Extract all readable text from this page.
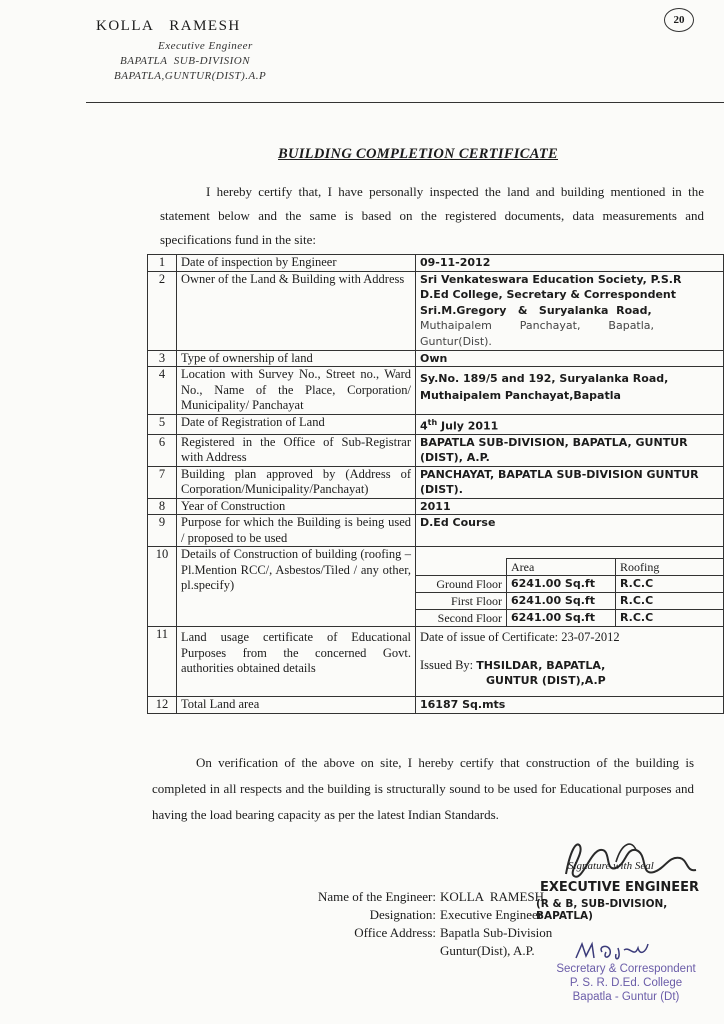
20
KOLLA   RAMESH
Executive Engineer
BAPATLA  SUB-DIVISION
BAPATLA,GUNTUR(DIST).A.P
BUILDING COMPLETION CERTIFICATE
I hereby certify that, I have personally inspected the land and building mentioned in the statement below and the same is based on the registered documents, data measurements and specifications fund in the site:
1	Date of inspection by Engineer	09-11-2012
2	Owner of the Land & Building with Address	Sri Venkateswara Education Society, P.S.R
D.Ed College, Secretary & Correspondent
Sri.M.Gregory   &   Suryalanka  Road,
Muthaipalem        Panchayat,        Bapatla,
Guntur(Dist).

3	Type of ownership of land	Own
4	Location with Survey No., Street no., Ward No., Name of the Place, Corporation/ Municipality/ Panchayat	Sy.No. 189/5 and 192, Suryalanka Road, Muthaipalem Panchayat,Bapatla
5	Date of Registration of Land	4th July 2011
6	Registered in the Office of Sub-Registrar with Address	BAPATLA SUB-DIVISION, BAPATLA, GUNTUR (DIST), A.P.
7	Building plan approved by (Address of Corporation/Municipality/Panchayat)	PANCHAYAT, BAPATLA SUB-DIVISION GUNTUR (DIST).
8	Year of Construction	2011
9	Purpose for which the Building is being used / proposed to be used	D.Ed Course
10	Details of Construction of building (roofing –Pl.Mention RCC/, Asbestos/Tiled / any other, pl.specify)	
	Area	Roofing
Ground Floor	6241.00 Sq.ft	R.C.C
First Floor	6241.00 Sq.ft	R.C.C
Second Floor	6241.00 Sq.ft	R.C.C

11	Land usage certificate of Educational Purposes from the concerned Govt. authorities obtained details	
Date of issue of Certificate: 23-07-2012
Issued By: THSILDAR, BAPATLA,
GUNTUR (DIST),A.P

12	Total Land area	16187 Sq.mts
On verification of the above on site, I hereby certify that construction of the building is completed in all respects and the building is structurally sound to be used for Educational purposes and having the load bearing capacity as per the latest Indian Standards.
Signature with Seal
EXECUTIVE ENGINEER
(R & B, SUB-DIVISION, BAPATLA)
Name of the Engineer: KOLLA  RAMESH
Designation: Executive Engineer
Office Address: Bapatla Sub-Division
Guntur(Dist), A.P.
Secretary & Correspondent
P. S. R. D.Ed. College
Bapatla - Guntur (Dt)
